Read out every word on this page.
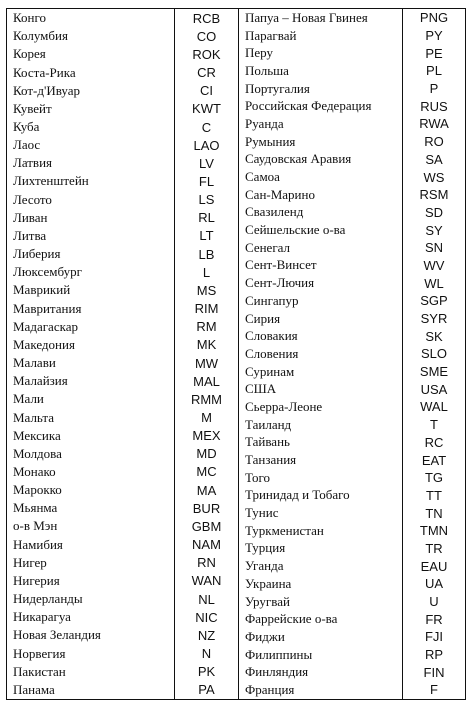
Конго
Колумбия
Корея
Коста-Рика
Кот-д'Ивуар
Кувейт
Куба
Лаос
Латвия
Лихтенштейн
Лесото
Ливан
Литва
Либерия
Люксембург
Маврикий
Мавритания
Мадагаскар
Македония
Малави
Малайзия
Мали
Мальта
Мексика
Молдова
Монако
Марокко
Мьянма
о-в Мэн
Намибия
Нигер
Нигерия
Нидерланды
Никарагуа
Новая Зеландия
Норвегия
Пакистан
Панама
RCB
CO
ROK
CR
CI
KWT
C
LAO
LV
FL
LS
RL
LT
LB
L
MS
RIM
RM
MK
MW
MAL
RMM
M
MEX
MD
MC
MA
BUR
GBM
NAM
RN
WAN
NL
NIC
NZ
N
PK
PA
Папуа – Новая Гвинея
Парагвай
Перу
Польша
Португалия
Российская Федерация
Руанда
Румыния
Саудовская Аравия
Самоа
Сан-Марино
Свазиленд
Сейшельские о-ва
Сенегал
Сент-Винсет
Сент-Лючия
Сингапур
Сирия
Словакия
Словения
Суринам
США
Сьерра-Леоне
Таиланд
Тайвань
Танзания
Того
Тринидад и Тобаго
Тунис
Туркменистан
Турция
Уганда
Украина
Уругвай
Фаррейские о-ва
Фиджи
Филиппины
Финляндия
Франция
PNG
PY
PE
PL
P
RUS
RWA
RO
SA
WS
RSM
SD
SY
SN
WV
WL
SGP
SYR
SK
SLO
SME
USA
WAL
T
RC
EAT
TG
TT
TN
TMN
TR
EAU
UA
U
FR
FJI
RP
FIN
F
